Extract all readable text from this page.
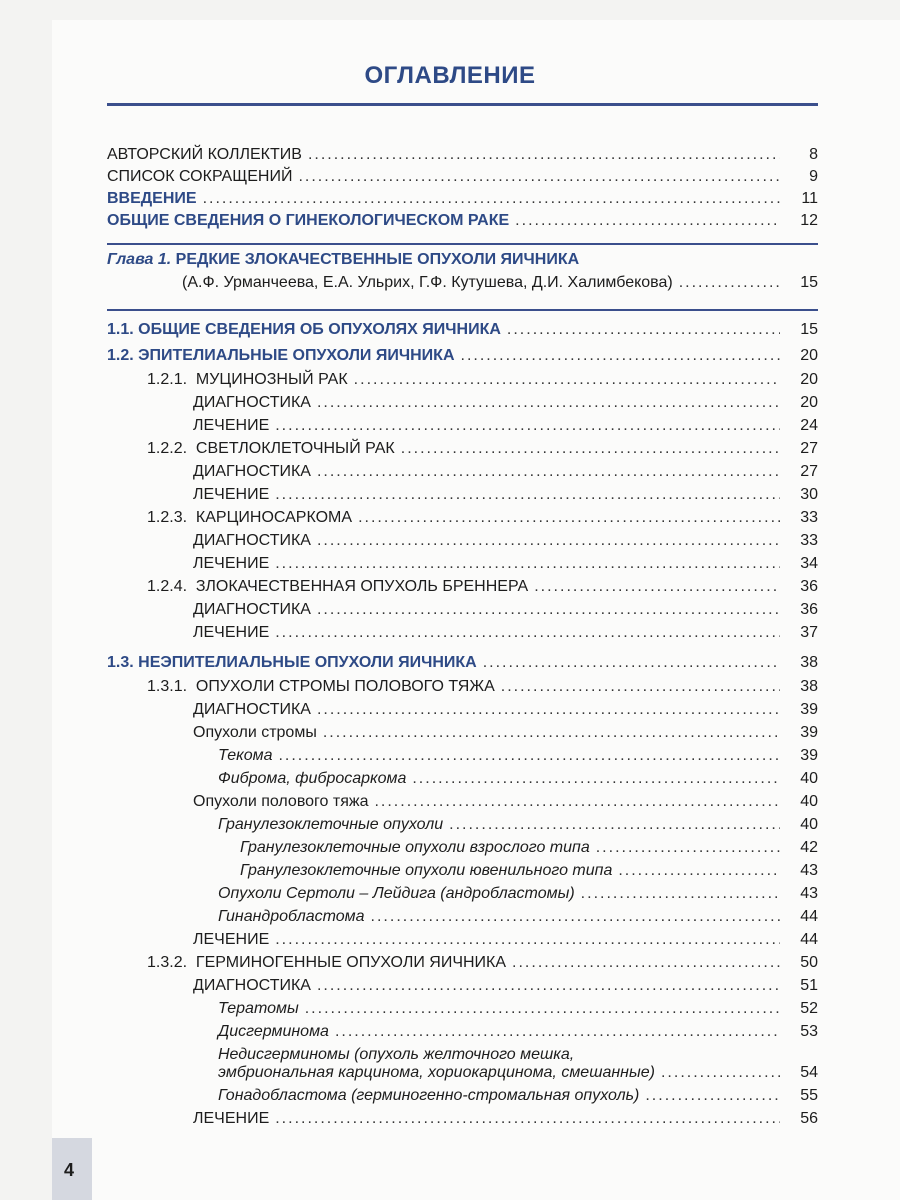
ОГЛАВЛЕНИЕ
АВТОРСКИЙ КОЛЛЕКТИВ .....	8
СПИСОК СОКРАЩЕНИЙ .....	9
ВВЕДЕНИЕ .....	11
ОБЩИЕ СВЕДЕНИЯ О ГИНЕКОЛОГИЧЕСКОМ РАКЕ .....	12
Глава 1. РЕДКИЕ ЗЛОКАЧЕСТВЕННЫЕ ОПУХОЛИ ЯИЧНИКА
(А.Ф. Урманчеева, Е.А. Ульрих, Г.Ф. Кутушева, Д.И. Халимбекова) .....	15
1.1. ОБЩИЕ СВЕДЕНИЯ ОБ ОПУХОЛЯХ ЯИЧНИКА .....	15
1.2. ЭПИТЕЛИАЛЬНЫЕ ОПУХОЛИ ЯИЧНИКА .....	20
1.2.1.  МУЦИНОЗНЫЙ РАК .....	20
ДИАГНОСТИКА .....	20
ЛЕЧЕНИЕ .....	24
1.2.2.  СВЕТЛОКЛЕТОЧНЫЙ РАК .....	27
ДИАГНОСТИКА .....	27
ЛЕЧЕНИЕ .....	30
1.2.3.  КАРЦИНОСАРКОМА .....	33
ДИАГНОСТИКА .....	33
ЛЕЧЕНИЕ .....	34
1.2.4.  ЗЛОКАЧЕСТВЕННАЯ ОПУХОЛЬ БРЕННЕРА .....	36
ДИАГНОСТИКА .....	36
ЛЕЧЕНИЕ .....	37
1.3. НЕЭПИТЕЛИАЛЬНЫЕ ОПУХОЛИ ЯИЧНИКА .....	38
1.3.1.  ОПУХОЛИ СТРОМЫ ПОЛОВОГО ТЯЖА .....	38
ДИАГНОСТИКА .....	39
Опухоли стромы .....	39
Текома .....	39
Фиброма, фибросаркома .....	40
Опухоли полового тяжа .....	40
Гранулезоклеточные опухоли .....	40
Гранулезоклеточные опухоли взрослого типа .....	42
Гранулезоклеточные опухоли ювенильного типа .....	43
Опухоли Сертоли – Лейдига (андробластомы) .....	43
Гинандробластома .....	44
ЛЕЧЕНИЕ .....	44
1.3.2.  ГЕРМИНОГЕННЫЕ ОПУХОЛИ ЯИЧНИКА .....	50
ДИАГНОСТИКА .....	51
Тератомы .....	52
Дисгерминома .....	53
Недисгерминомы (опухоль желточного мешка,
эмбриональная карцинома, хориокарцинома, смешанные) .....	54
Гонадобластома (герминогенно-стромальная опухоль) .....	55
ЛЕЧЕНИЕ .....	56
4
